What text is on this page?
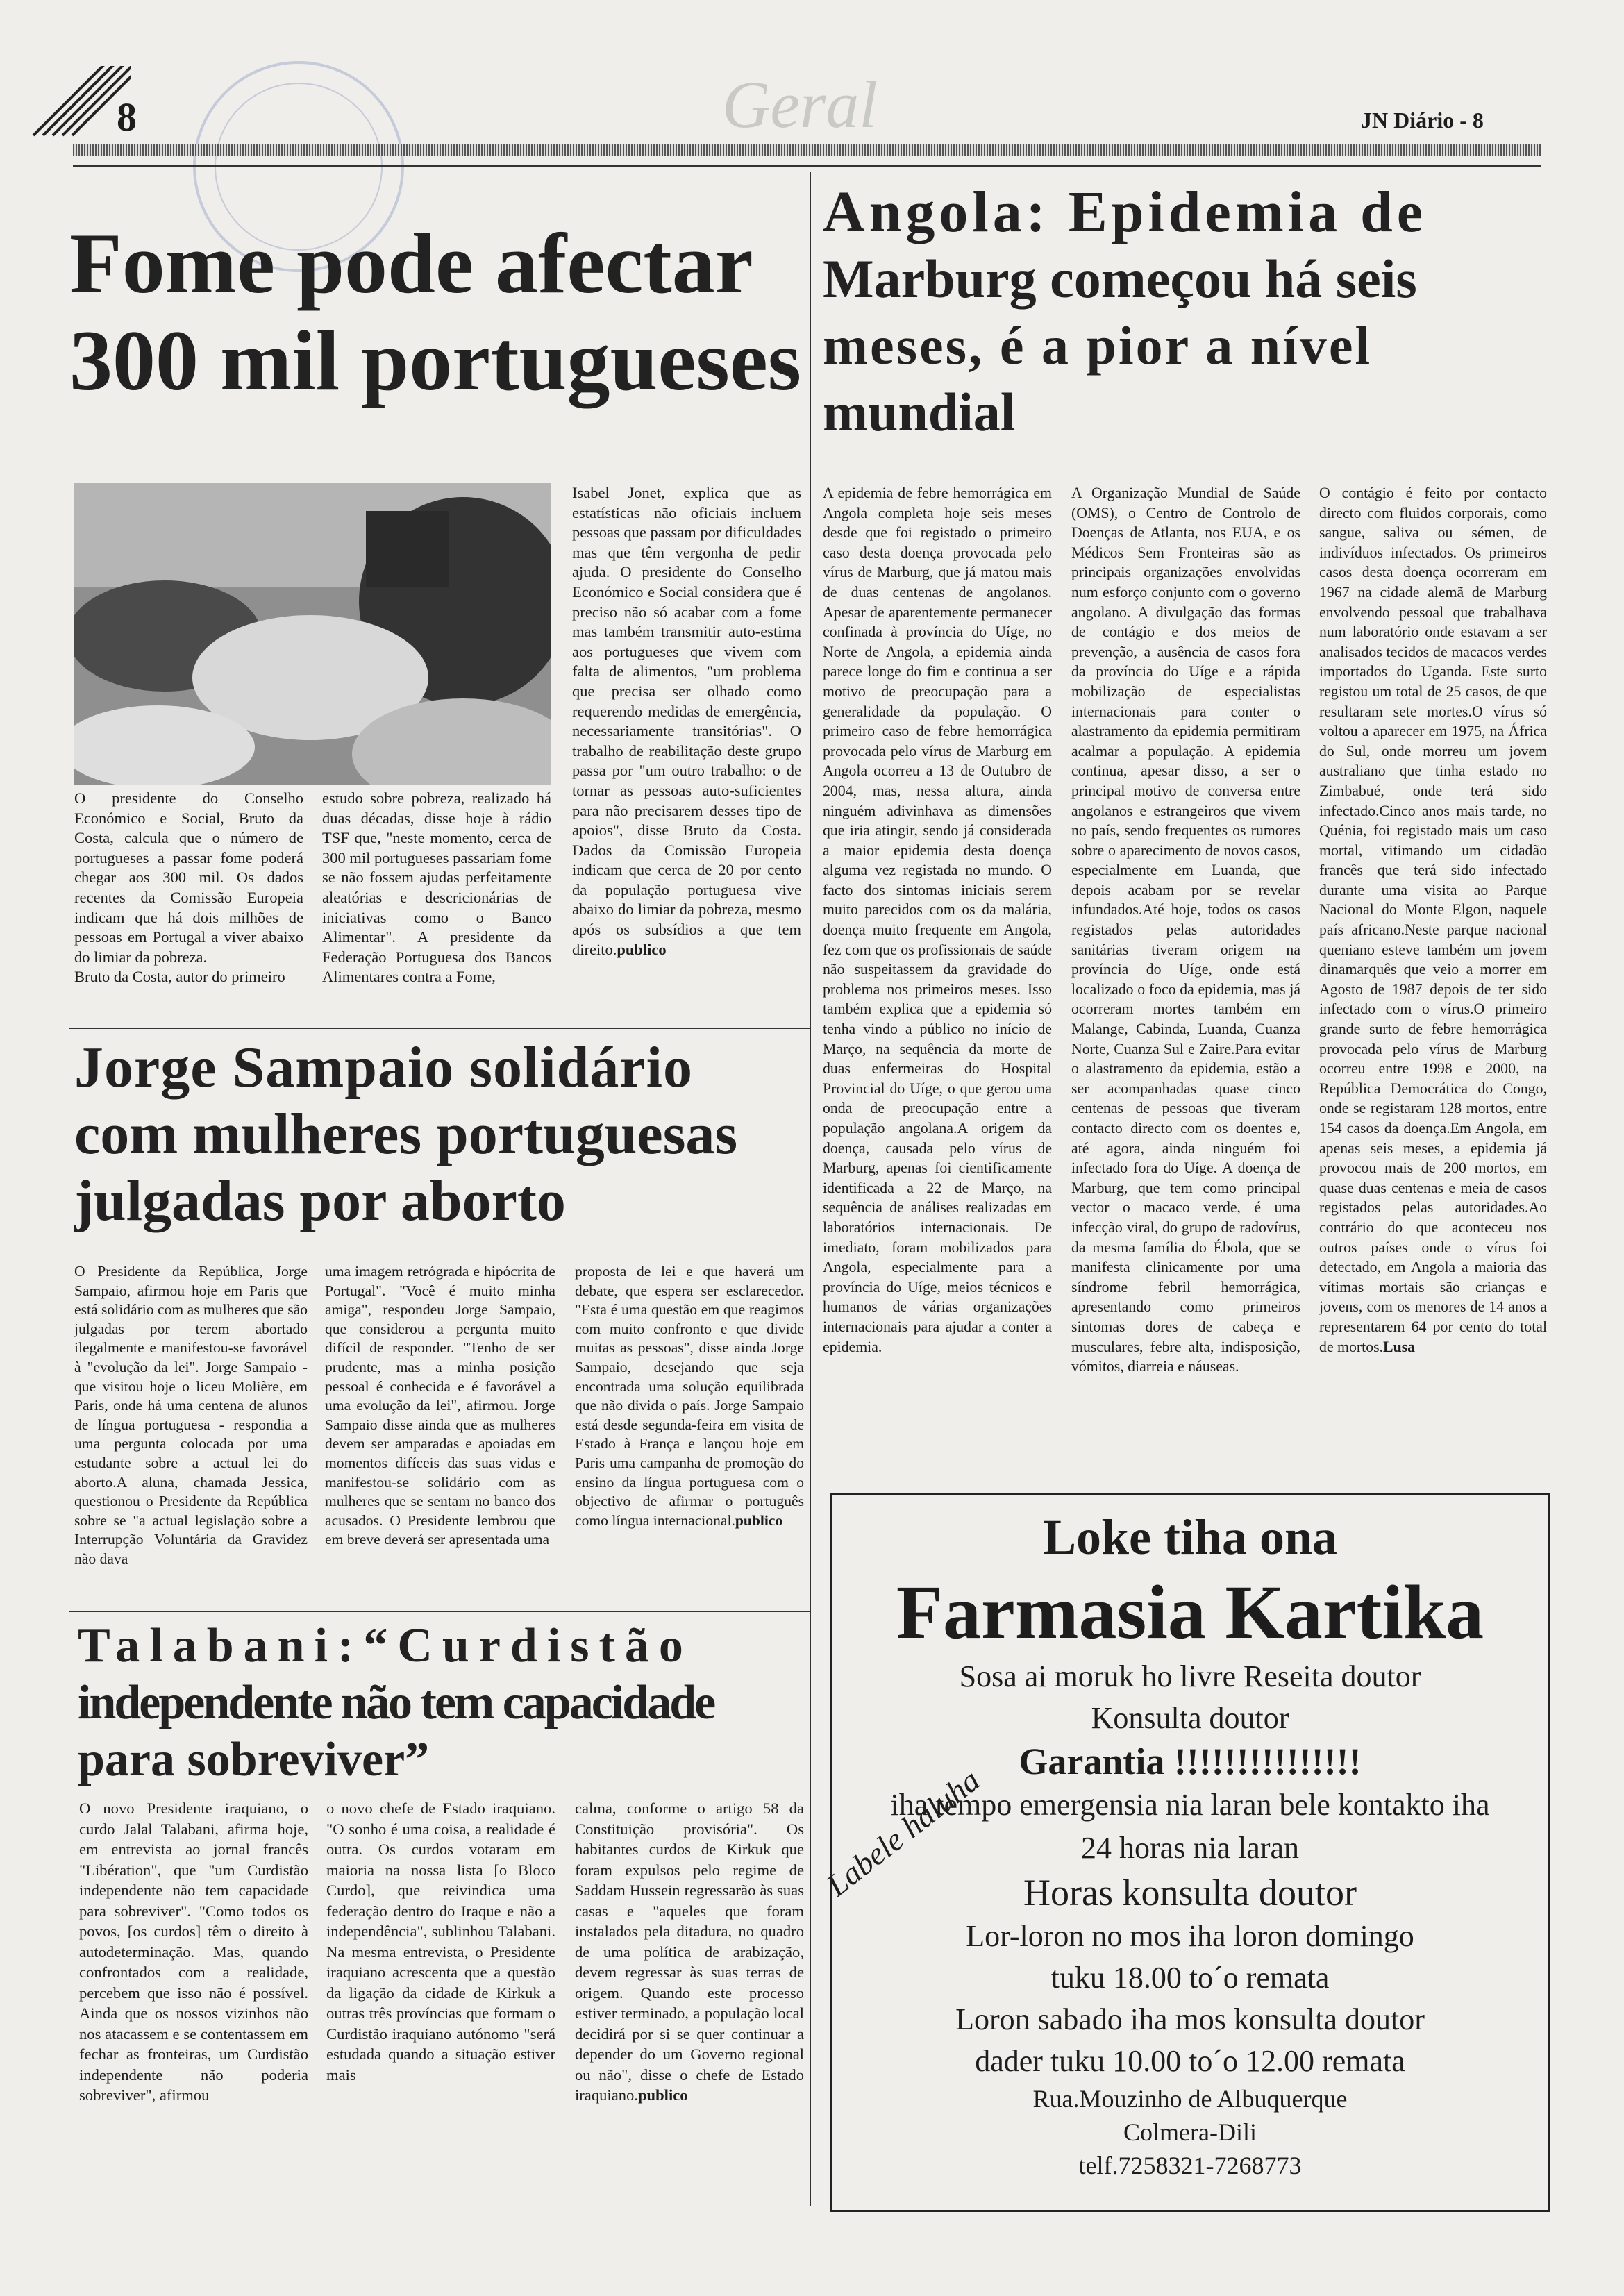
8	Geral	JN Diário - 8

Fome pode afectar

300 mil portugueses

O presidente do Conselho Económico e Social, Bruto da Costa, calcula que o número de portugueses a passar fome poderá chegar aos 300 mil. Os dados recentes da Comissão Europeia indicam que há dois milhões de pessoas em Portugal a viver abaixo do limiar da pobreza.

Bruto da Costa, autor do primeiro

estudo sobre pobreza, realizado há duas décadas, disse hoje à rádio TSF que, "neste momento, cerca de 300 mil portugueses passariam fome se não fossem ajudas perfeitamente aleatórias e descricionárias de iniciativas como o Banco Alimentar". A presidente da Federação Portuguesa dos Bancos Alimentares contra a Fome,

Isabel Jonet, explica que as estatísticas não oficiais incluem pessoas que passam por dificuldades mas que têm vergonha de pedir ajuda. O presidente do Conselho Económico e Social considera que é preciso não só acabar com a fome mas também transmitir auto-estima aos portugueses que vivem com falta de alimentos, "um problema que precisa ser olhado como requerendo medidas de emergência, necessariamente transitórias". O trabalho de reabilitação deste grupo passa por "um outro trabalho: o de tornar as pessoas auto-suficientes para não precisarem desses tipo de apoios", disse Bruto da Costa. Dados da Comissão Europeia indicam que cerca de 20 por cento da população portuguesa vive abaixo do limiar da pobreza, mesmo após os subsídios a que tem direito.publico

Angola: Epidemia de

Marburg começou há seis

meses, é a pior a nível

mundial

A epidemia de febre hemorrágica em Angola completa hoje seis meses desde que foi registado o primeiro caso desta doença provocada pelo vírus de Marburg, que já matou mais de duas centenas de angolanos. Apesar de aparentemente permanecer confinada à província do Uíge, no Norte de Angola, a epidemia ainda parece longe do fim e continua a ser motivo de preocupação para a generalidade da população. O primeiro caso de febre hemorrágica provocada pelo vírus de Marburg em Angola ocorreu a 13 de Outubro de 2004, mas, nessa altura, ainda ninguém adivinhava as dimensões que iria atingir, sendo já considerada a maior epidemia desta doença alguma vez registada no mundo. O facto dos sintomas iniciais serem muito parecidos com os da malária, doença muito frequente em Angola, fez com que os profissionais de saúde não suspeitassem da gravidade do problema nos primeiros meses. Isso também explica que a epidemia só tenha vindo a público no início de Março, na sequência da morte de duas enfermeiras do Hospital Provincial do Uíge, o que gerou uma onda de preocupação entre a população angolana.A origem da doença, causada pelo vírus de Marburg, apenas foi cientificamente identificada a 22 de Março, na sequência de análises realizadas em laboratórios internacionais. De imediato, foram mobilizados para Angola, especialmente para a província do Uíge, meios técnicos e humanos de várias organizações internacionais para ajudar a conter a epidemia.

A Organização Mundial de Saúde (OMS), o Centro de Controlo de Doenças de Atlanta, nos EUA, e os Médicos Sem Fronteiras são as principais organizações envolvidas num esforço conjunto com o governo angolano. A divulgação das formas de contágio e dos meios de prevenção, a ausência de casos fora da província do Uíge e a rápida mobilização de especialistas internacionais para conter o alastramento da epidemia permitiram acalmar a população. A epidemia continua, apesar disso, a ser o principal motivo de conversa entre angolanos e estrangeiros que vivem no país, sendo frequentes os rumores sobre o aparecimento de novos casos, especialmente em Luanda, que depois acabam por se revelar infundados.Até hoje, todos os casos registados pelas autoridades sanitárias tiveram origem na província do Uíge, onde está localizado o foco da epidemia, mas já ocorreram mortes também em Malange, Cabinda, Luanda, Cuanza Norte, Cuanza Sul e Zaire.Para evitar o alastramento da epidemia, estão a ser acompanhadas quase cinco centenas de pessoas que tiveram contacto directo com os doentes e, até agora, ainda ninguém foi infectado fora do Uíge. A doença de Marburg, que tem como principal vector o macaco verde, é uma infecção viral, do grupo de radovírus, da mesma família do Ébola, que se manifesta clinicamente por uma síndrome febril hemorrágica, apresentando como primeiros sintomas dores de cabeça e musculares, febre alta, indisposição, vómitos, diarreia e náuseas.

O contágio é feito por contacto directo com fluidos corporais, como sangue, saliva ou sémen, de indivíduos infectados. Os primeiros casos desta doença ocorreram em 1967 na cidade alemã de Marburg envolvendo pessoal que trabalhava num laboratório onde estavam a ser analisados tecidos de macacos verdes importados do Uganda. Este surto registou um total de 25 casos, de que resultaram sete mortes.O vírus só voltou a aparecer em 1975, na África do Sul, onde morreu um jovem australiano que tinha estado no Zimbabué, onde terá sido infectado.Cinco anos mais tarde, no Quénia, foi registado mais um caso mortal, vitimando um cidadão francês que terá sido infectado durante uma visita ao Parque Nacional do Monte Elgon, naquele país africano.Neste parque nacional queniano esteve também um jovem dinamarquês que veio a morrer em Agosto de 1987 depois de ter sido infectado com o vírus.O primeiro grande surto de febre hemorrágica provocada pelo vírus de Marburg ocorreu entre 1998 e 2000, na República Democrática do Congo, onde se registaram 128 mortos, entre 154 casos da doença.Em Angola, em apenas seis meses, a epidemia já provocou mais de 200 mortos, em quase duas centenas e meia de casos registados pelas autoridades.Ao contrário do que aconteceu nos outros países onde o vírus foi detectado, em Angola a maioria das vítimas mortais são crianças e jovens, com os menores de 14 anos a representarem 64 por cento do total de mortos.Lusa

Jorge Sampaio solidário

com mulheres portuguesas

julgadas por aborto

O Presidente da República, Jorge Sampaio, afirmou hoje em Paris que está solidário com as mulheres que são julgadas por terem abortado ilegalmente e manifestou-se favorável à "evolução da lei". Jorge Sampaio - que visitou hoje o liceu Molière, em Paris, onde há uma centena de alunos de língua portuguesa - respondia a uma pergunta colocada por uma estudante sobre a actual lei do aborto.A aluna, chamada Jessica, questionou o Presidente da República sobre se "a actual legislação sobre a Interrupção Voluntária da Gravidez não dava

uma imagem retrógrada e hipócrita de Portugal". "Você é muito minha amiga", respondeu Jorge Sampaio, que considerou a pergunta muito difícil de responder. "Tenho de ser prudente, mas a minha posição pessoal é conhecida e é favorável a uma evolução da lei", afirmou. Jorge Sampaio disse ainda que as mulheres devem ser amparadas e apoiadas em momentos difíceis das suas vidas e manifestou-se solidário com as mulheres que se sentam no banco dos acusados. O Presidente lembrou que em breve deverá ser apresentada uma

proposta de lei e que haverá um debate, que espera ser esclarecedor. "Esta é uma questão em que reagimos com muito confronto e que divide muitas as pessoas", disse ainda Jorge Sampaio, desejando que seja encontrada uma solução equilibrada que não divida o país. Jorge Sampaio está desde segunda-feira em visita de Estado à França e lançou hoje em Paris uma campanha de promoção do ensino da língua portuguesa com o objectivo de afirmar o português como língua internacional.publico

Talabani:“Curdistão

independente não tem capacidade

para sobreviver”

O novo Presidente iraquiano, o curdo Jalal Talabani, afirma hoje, em entrevista ao jornal francês "Libération", que "um Curdistão independente não tem capacidade para sobreviver". "Como todos os povos, [os curdos] têm o direito à autodeterminação. Mas, quando confrontados com a realidade, percebem que isso não é possível. Ainda que os nossos vizinhos não nos atacassem e se contentassem em fechar as fronteiras, um Curdistão independente não poderia sobreviver", afirmou

o novo chefe de Estado iraquiano. "O sonho é uma coisa, a realidade é outra. Os curdos votaram em maioria na nossa lista [o Bloco Curdo], que reivindica uma federação dentro do Iraque e não a independência", sublinhou Talabani. Na mesma entrevista, o Presidente iraquiano acrescenta que a questão da ligação da cidade de Kirkuk a outras três províncias que formam o Curdistão iraquiano autónomo "será estudada quando a situação estiver mais

calma, conforme o artigo 58 da Constituição provisória". Os habitantes curdos de Kirkuk que foram expulsos pelo regime de Saddam Hussein regressarão às suas casas e "aqueles que foram instalados pela ditadura, no quadro de uma política de arabização, devem regressar às suas terras de origem. Quando este processo estiver terminado, a população local decidirá por si se quer continuar a depender do um Governo regional ou não", disse o chefe de Estado iraquiano.publico

Loke tiha ona

Farmasia Kartika

Sosa ai moruk ho livre Reseita doutor

Konsulta doutor

Garantia !!!!!!!!!!!!!!!

iha tempo emergensia nia laran bele kontakto iha

24 horas nia laran

Horas konsulta doutor

Lor-loron no mos iha loron domingo

tuku 18.00 to´o remata

Loron sabado iha mos konsulta doutor

dader tuku 10.00 to´o 12.00 remata

Rua.Mouzinho de Albuquerque

Colmera-Dili

telf.7258321-7268773

Labele haluha
